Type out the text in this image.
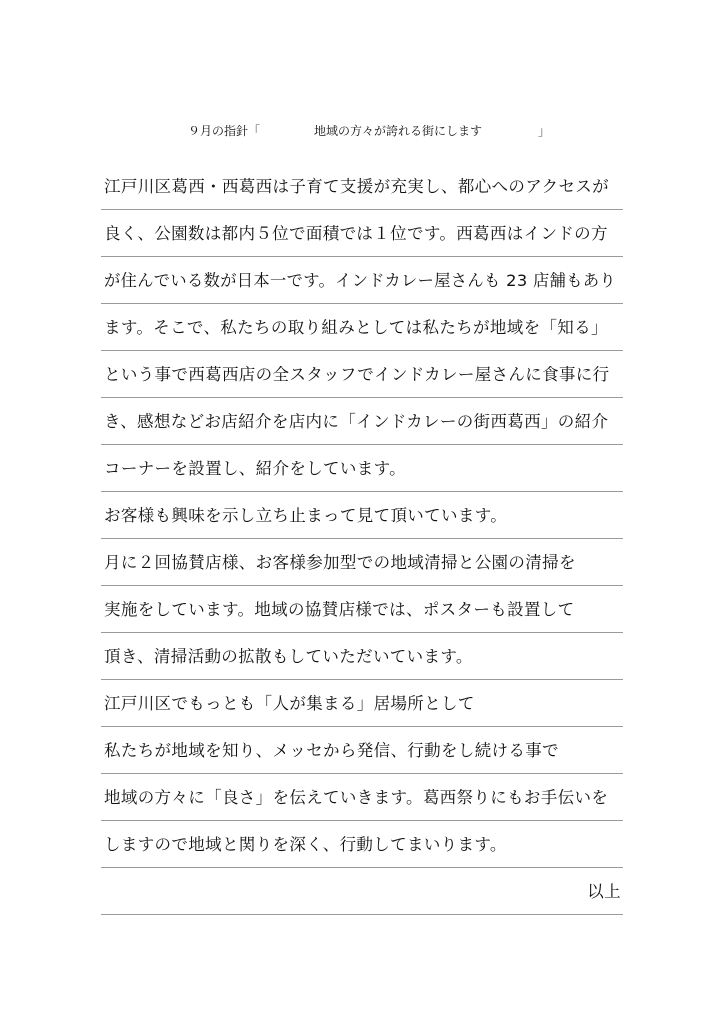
９月の指針「	地域の方々が誇れる街にします	」
江戸川区葛西・西葛西は子育て支援が充実し、都心へのアクセスが
良く、公園数は都内５位で面積では１位です。西葛西はインドの方
が住んでいる数が日本一です。インドカレー屋さんも 23 店舗もあり
ます。そこで、私たちの取り組みとしては私たちが地域を「知る」
という事で西葛西店の全スタッフでインドカレー屋さんに食事に行
き、感想などお店紹介を店内に「インドカレーの街西葛西」の紹介
コーナーを設置し、紹介をしています。
お客様も興味を示し立ち止まって見て頂いています。
月に２回協賛店様、お客様参加型での地域清掃と公園の清掃を
実施をしています。地域の協賛店様では、ポスターも設置して
頂き、清掃活動の拡散もしていただいています。
江戸川区でもっとも「人が集まる」居場所として
私たちが地域を知り、メッセから発信、行動をし続ける事で
地域の方々に「良さ」を伝えていきます。葛西祭りにもお手伝いを
しますので地域と関りを深く、行動してまいります。
以上
